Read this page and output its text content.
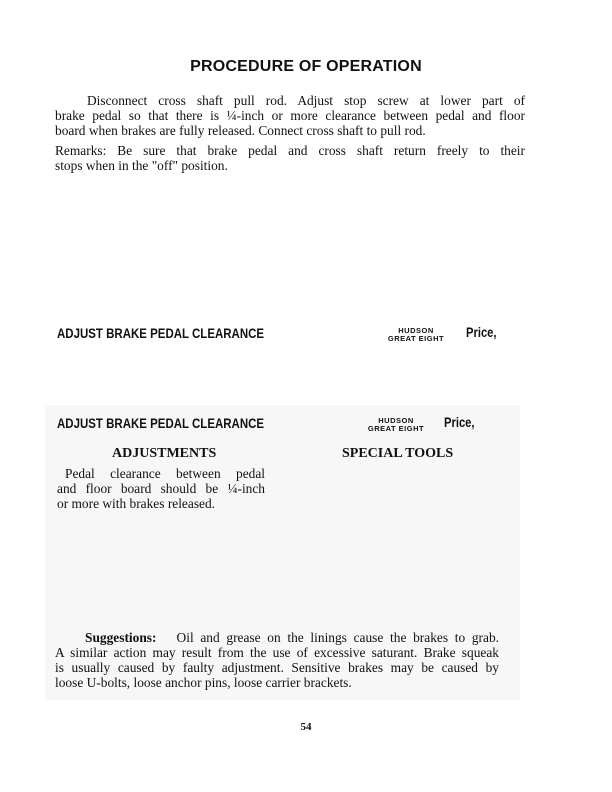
PROCEDURE OF OPERATION
Disconnect cross shaft pull rod. Adjust stop screw at lower part of
brake pedal so that there is ¼-inch or more clearance between pedal and floor
board when brakes are fully released. Connect cross shaft to pull rod.
Remarks: Be sure that brake pedal and cross shaft return freely to their
stops when in the "off" position.
ADJUST BRAKE PEDAL CLEARANCE	HUDSON
GREAT EIGHT	Price,
ADJUST BRAKE PEDAL CLEARANCE	HUDSON
GREAT EIGHT	Price,
ADJUSTMENTS	SPECIAL TOOLS
Pedal clearance between pedal
and floor board should be ¼-inch
or more with brakes released.
Suggestions: Oil and grease on the linings cause the brakes to grab.
A similar action may result from the use of excessive saturant. Brake squeak
is usually caused by faulty adjustment. Sensitive brakes may be caused by
loose U-bolts, loose anchor pins, loose carrier brackets.
54
